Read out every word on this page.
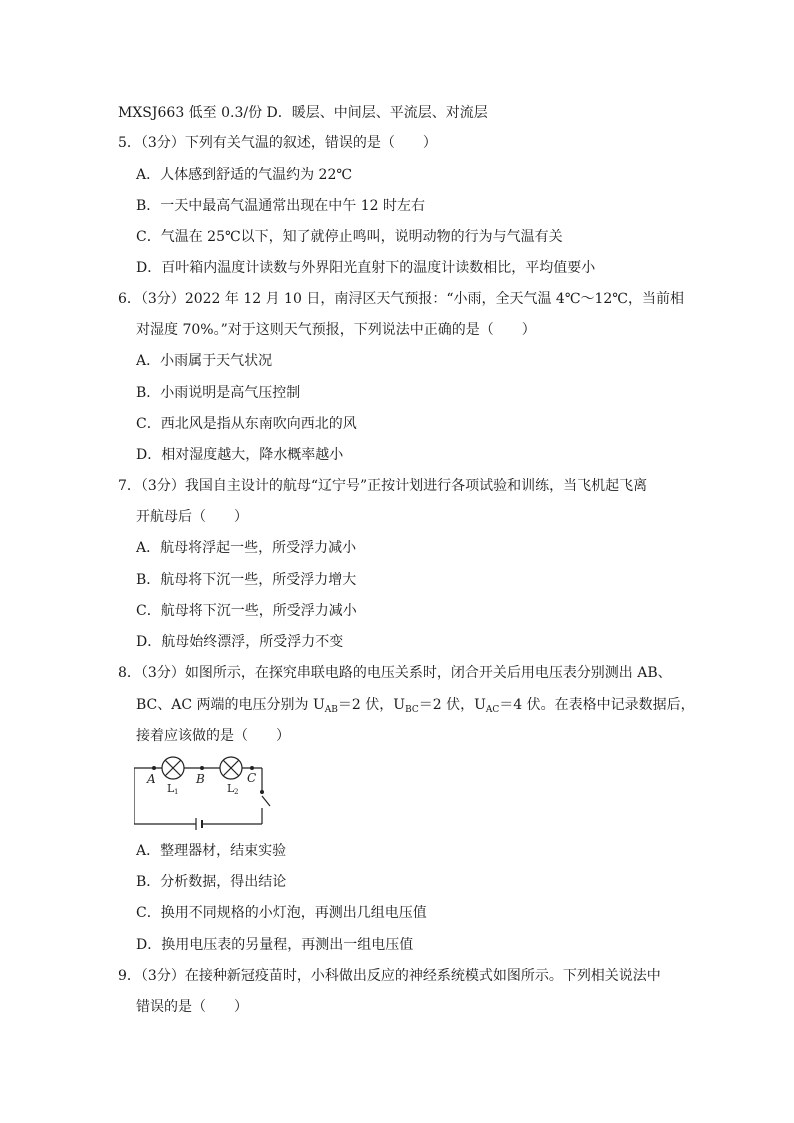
MXSJ663 低至 0.3/份 D．暖层、中间层、平流层、对流层
5．（3分）下列有关气温的叙述，错误的是（　　）
A．人体感到舒适的气温约为 22℃
B．一天中最高气温通常出现在中午 12 时左右
C．气温在 25℃以下，知了就停止鸣叫，说明动物的行为与气温有关
D．百叶箱内温度计读数与外界阳光直射下的温度计读数相比，平均值要小
6．（3分）2022 年 12 月 10 日，南浔区天气预报：“小雨，全天气温 4℃～12℃，当前相
对湿度 70%。”对于这则天气预报，下列说法中正确的是（　　）
A．小雨属于天气状况
B．小雨说明是高气压控制
C．西北风是指从东南吹向西北的风
D．相对湿度越大，降水概率越小
7．（3分）我国自主设计的航母“辽宁号”正按计划进行各项试验和训练，当飞机起飞离
开航母后（　　）
A．航母将浮起一些，所受浮力减小
B．航母将下沉一些，所受浮力增大
C．航母将下沉一些，所受浮力减小
D．航母始终漂浮，所受浮力不变
8．（3分）如图所示，在探究串联电路的电压关系时，闭合开关后用电压表分别测出 AB、
BC、AC 两端的电压分别为 $U_{AB}=2$ 伏，$U_{BC}=2$ 伏，$U_{AC}=4$ 伏。在表格中记录数据后，
接着应该做的是（　　）
A	B	C
L 1	L 2
A．整理器材，结束实验
B．分析数据，得出结论
C．换用不同规格的小灯泡，再测出几组电压值
D．换用电压表的另量程，再测出一组电压值
9．（3分）在接种新冠疫苗时，小科做出反应的神经系统模式如图所示。下列相关说法中
错误的是（　　）
